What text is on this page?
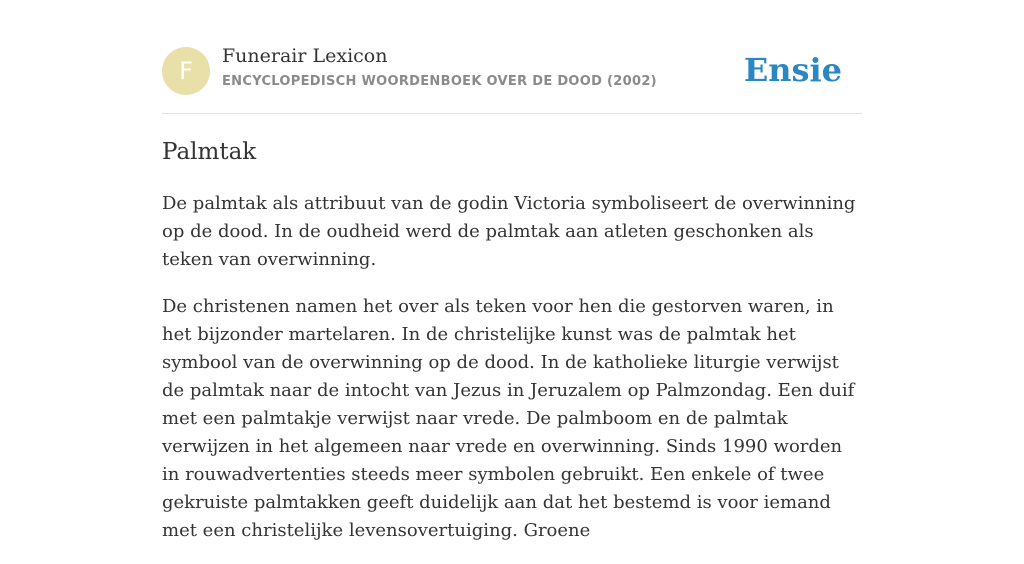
F
Funerair Lexicon
ENCYCLOPEDISCH WOORDENBOEK OVER DE DOOD (2002)	Ensie
Palmtak

De palmtak als attribuut van de godin Victoria symboliseert de overwinning op de dood. In de oudheid werd de palmtak aan atleten geschonken als teken van overwinning.

De christenen namen het over als teken voor hen die gestorven waren, in het bijzonder martelaren. In de christelijke kunst was de palmtak het symbool van de overwinning op de dood. In de katholieke liturgie verwijst de palmtak naar de intocht van Jezus in Jeruzalem op Palmzondag. Een duif met een palmtakje verwijst naar vrede. De palmboom en de palmtak verwijzen in het algemeen naar vrede en overwinning. Sinds 1990 worden in rouwadvertenties steeds meer symbolen gebruikt. Een enkele of twee gekruiste palmtakken geeft duidelijk aan dat het bestemd is voor iemand met een christelijke levensovertuiging. Groene
